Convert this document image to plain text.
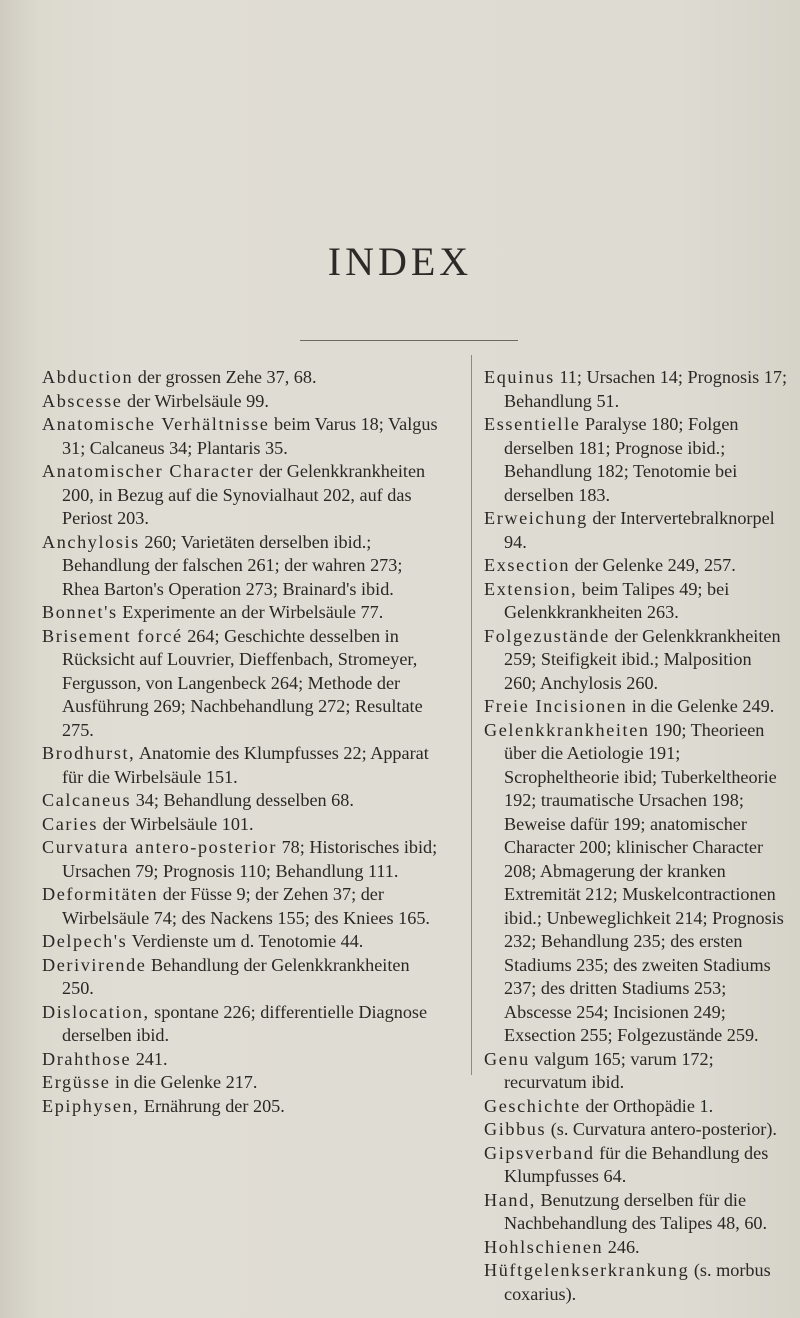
INDEX
Abduction der grossen Zehe 37, 68.
Abscesse der Wirbelsäule 99.
Anatomische Verhältnisse beim Varus 18; Valgus 31; Calcaneus 34; Plantaris 35.
Anatomischer Character der Gelenkkrankheiten 200, in Bezug auf die Synovialhaut 202, auf das Periost 203.
Anchylosis 260; Varietäten derselben ibid.; Behandlung der falschen 261; der wahren 273; Rhea Barton's Operation 273; Brainard's ibid.
Bonnet's Experimente an der Wirbelsäule 77.
Brisement forcé 264; Geschichte desselben in Rücksicht auf Louvrier, Dieffenbach, Stromeyer, Fergusson, von Langenbeck 264; Methode der Ausführung 269; Nachbehandlung 272; Resultate 275.
Brodhurst, Anatomie des Klumpfusses 22; Apparat für die Wirbelsäule 151.
Calcaneus 34; Behandlung desselben 68.
Caries der Wirbelsäule 101.
Curvatura antero-posterior 78; Historisches ibid; Ursachen 79; Prognosis 110; Behandlung 111.
Deformitäten der Füsse 9; der Zehen 37; der Wirbelsäule 74; des Nackens 155; des Kniees 165.
Delpech's Verdienste um d. Tenotomie 44.
Derivirende Behandlung der Gelenkkrankheiten 250.
Dislocation, spontane 226; differentielle Diagnose derselben ibid.
Drahthose 241.
Ergüsse in die Gelenke 217.
Epiphysen, Ernährung der 205.
Equinus 11; Ursachen 14; Prognosis 17; Behandlung 51.
Essentielle Paralyse 180; Folgen derselben 181; Prognose ibid.; Behandlung 182; Tenotomie bei derselben 183.
Erweichung der Intervertebralknorpel 94.
Exsection der Gelenke 249, 257.
Extension, beim Talipes 49; bei Gelenkkrankheiten 263.
Folgezustände der Gelenkkrankheiten 259; Steifigkeit ibid.; Malposition 260; Anchylosis 260.
Freie Incisionen in die Gelenke 249.
Gelenkkrankheiten 190; Theorieen über die Aetiologie 191; Scropheltheorie ibid; Tuberkeltheorie 192; traumatische Ursachen 198; Beweise dafür 199; anatomischer Character 200; klinischer Character 208; Abmagerung der kranken Extremität 212; Muskelcontractionen ibid.; Unbeweglichkeit 214; Prognosis 232; Behandlung 235; des ersten Stadiums 235; des zweiten Stadiums 237; des dritten Stadiums 253; Abscesse 254; Incisionen 249; Exsection 255; Folgezustände 259.
Genu valgum 165; varum 172; recurvatum ibid.
Geschichte der Orthopädie 1.
Gibbus (s. Curvatura antero-posterior).
Gipsverband für die Behandlung des Klumpfusses 64.
Hand, Benutzung derselben für die Nachbehandlung des Talipes 48, 60.
Hohlschienen 246.
Hüftgelenkserkrankung (s. morbus coxarius).
